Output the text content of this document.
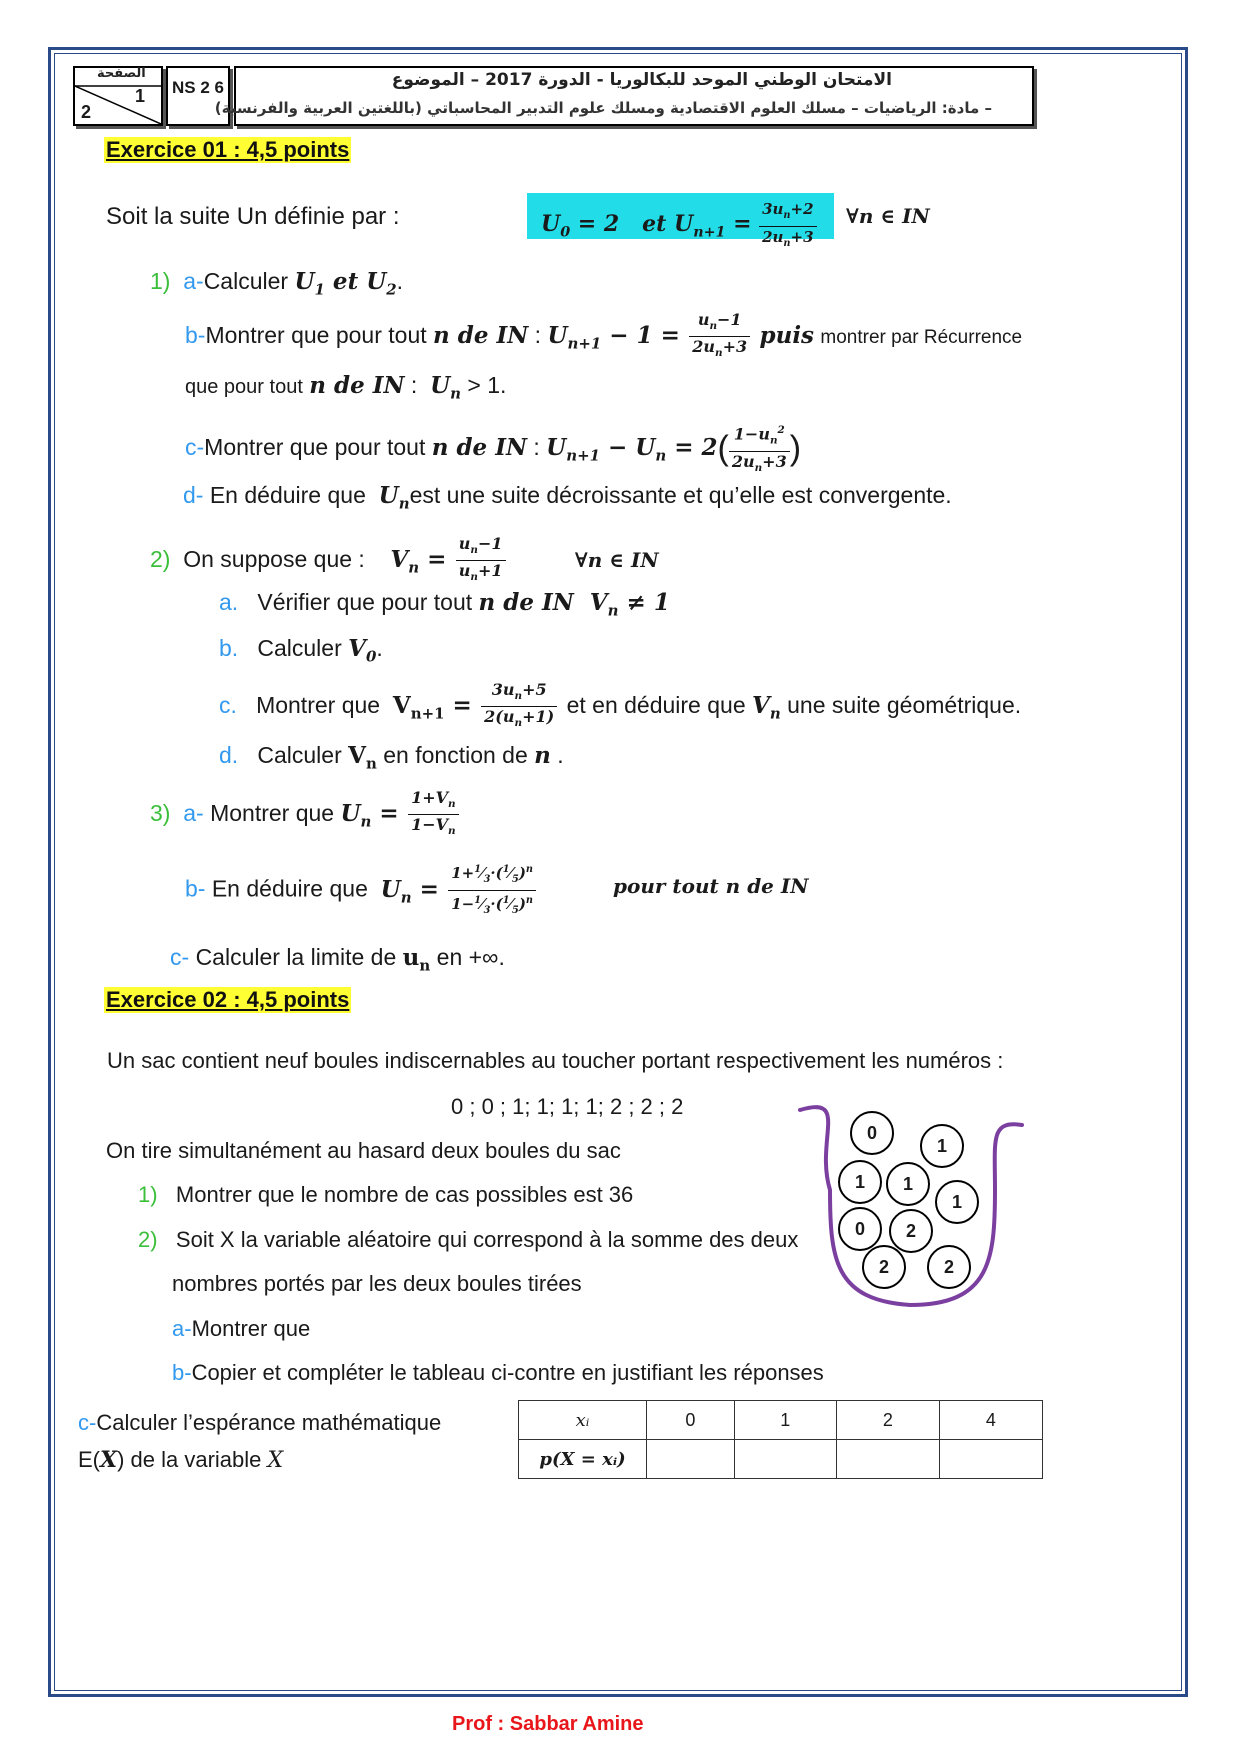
الصفحة
1
2
NS 2 6	الامتحان الوطني الموحد للبكالوريا - الدورة 2017 – الموضوع
– مادة: الرياضيات – مسلك العلوم الاقتصادية ومسلك علوم التدبير المحاسباتي (باللغتين العربية والفرنسية)
Exercice 01 : 4,5 points
Soit la suite Un définie par :	$U_0 = 2$   et $U_{n+1} = \frac{3u_n+2}{2u_n+3}$ ∀n ∈ IN
1) a-Calculer $U_1$ et $U_2$.
b-Montrer que pour tout n de IN : $U_{n+1} - 1 = \frac{u_n-1}{2u_n+3}$ puis montrer par Récurrence
que pour tout n de IN :  $U_n > 1$.
c-Montrer que pour tout n de IN : $U_{n+1} - U_n = 2( \frac{1-u_n^2}{2u_n+3}$ )
d- En déduire que $U_nest$ une suite décroissante et qu’elle est convergente.
2) On suppose que : $V_n = \frac{u_n-1}{u_n+1}$	∀n ∈ IN
a. Vérifier que pour tout n de IN  $V_n \ne 1$
b. Calculer $V_0$.
c. Montrer que $V_{n+1} = \frac{3u_n+5}{2(u_n+1)}$ et en déduire que $V_n$ une suite géométrique.
d. Calculer $V_n$ en fonction de n .
3) a- Montrer que $U_n = \frac{1+V_n}{1-V_n}$
b- En déduire que $U_n = \frac{1+^1⁄_3\cdot(^1⁄_5)^n}{1-^1⁄_3\cdot(^1⁄_5)^n}$	pour tout n de IN
c- Calculer la limite de $u_n$ en +∞.
Exercice 02 : 4,5 points
Un sac contient neuf boules indiscernables au toucher portant respectivement les numéros :
0 ; 0 ; 1; 1; 1; 1; 2 ; 2 ; 2
On tire simultanément au hasard deux boules du sac
1) Montrer que le nombre de cas possibles est 36
2) Soit X la variable aléatoire qui correspond à la somme des deux
nombres portés par les deux boules tirées
a-Montrer que
b-Copier et compléter le tableau ci-contre en justifiant les réponses
c-Calculer l’espérance mathématique
E(X) de la variable X
xᵢ	0	1	2	4
p(X = xᵢ)				
0
1
1	1
1
0	2
2	2
Prof : Sabbar Amine
